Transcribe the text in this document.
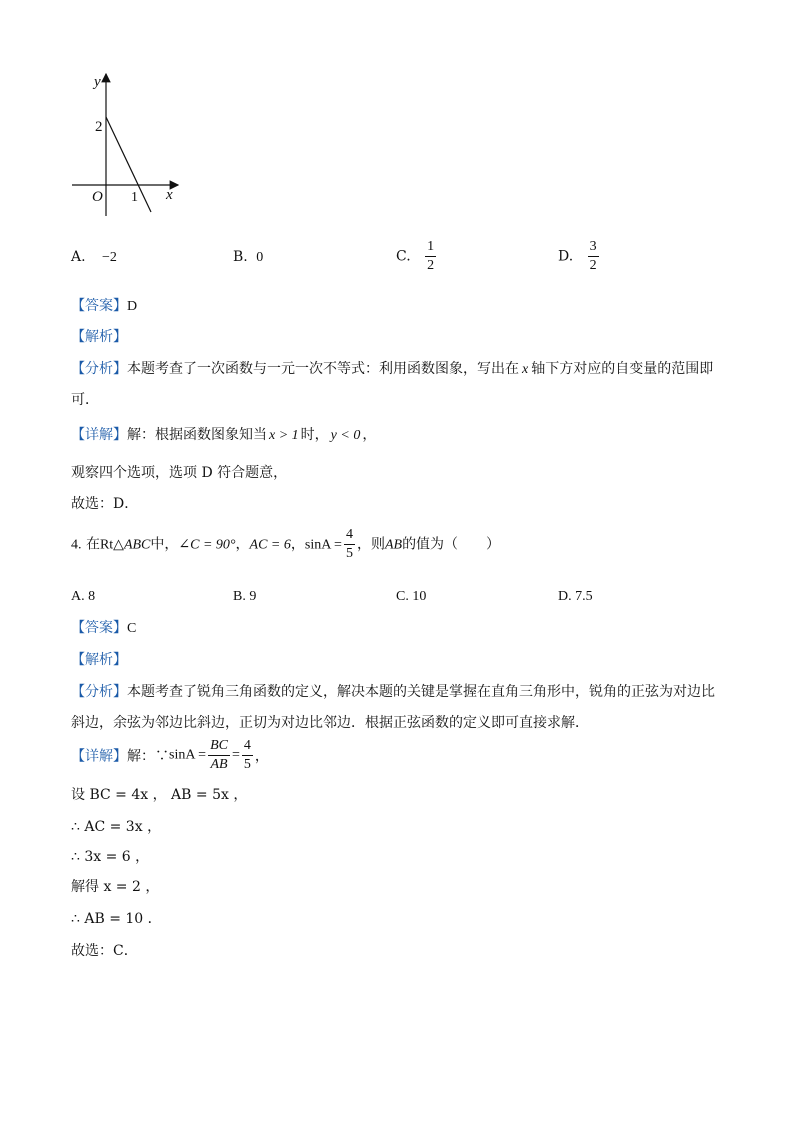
y
x
O
2
1
A. −2	B. 0	C. $\frac{1}{2}$	D. $\frac{3}{2}$
【答案】D
【解析】
【分析】本题考查了一次函数与一元一次不等式：利用函数图象，写出在 x 轴下方对应的自变量的范围即
可．
【详解】解：根据函数图象知当 x > 1 时， y < 0 ，
观察四个选项，选项 D 符合题意，
故选：D．
4. 在Rt△ABC中，∠C = 90°，AC = 6，$\sin A = \frac{4}{5}$ ，则AB的值为（　　）
A. 8	B. 9	C. 10	D. 7.5
【答案】C
【解析】
【分析】本题考查了锐角三角函数的定义，解决本题的关键是掌握在直角三角形中，锐角的正弦为对边比
斜边，余弦为邻边比斜边，正切为对边比邻边．根据正弦函数的定义即可直接求解．
【详解】解：∵sinA = $\frac{BC}{AB} = \frac{4}{5}$ ，
设 BC = 4x ， AB = 5x ，
∴ AC = 3x ，
∴ 3x = 6 ，
解得 x = 2 ，
∴ AB = 10 ．
故选：C．
